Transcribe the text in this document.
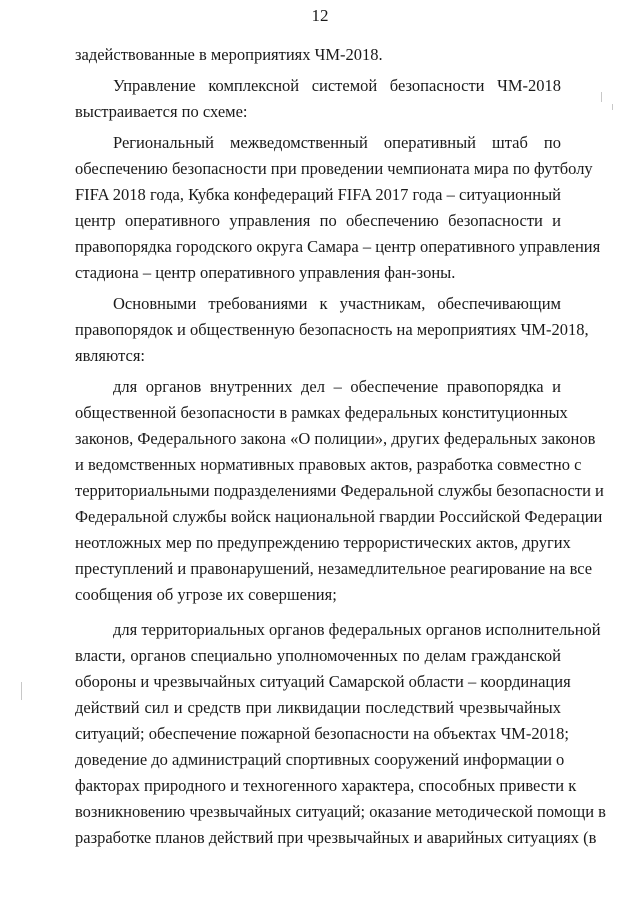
12
задействованные в мероприятиях ЧМ-2018.
Управление комплексной системой безопасности ЧМ-2018
выстраивается по схеме:
Региональный межведомственный оперативный штаб по
обеспечению безопасности при проведении чемпионата мира по футболу
FIFA 2018 года, Кубка конфедераций FIFA 2017 года – ситуационный
центр оперативного управления по обеспечению безопасности и
правопорядка городского округа Самара – центр оперативного управления
стадиона – центр оперативного управления фан-зоны.
Основными требованиями к участникам, обеспечивающим
правопорядок и общественную безопасность на мероприятиях ЧМ-2018,
являются:
для органов внутренних дел – обеспечение правопорядка и
общественной безопасности в рамках федеральных конституционных
законов, Федерального закона «О полиции», других федеральных законов
и ведомственных нормативных правовых актов, разработка совместно с
территориальными подразделениями Федеральной службы безопасности и
Федеральной службы войск национальной гвардии Российской Федерации
неотложных мер по предупреждению террористических актов, других
преступлений и правонарушений, незамедлительное реагирование на все
сообщения об угрозе их совершения;
для территориальных органов федеральных органов исполнительной
власти, органов специально уполномоченных по делам гражданской
обороны и чрезвычайных ситуаций Самарской области – координация
действий сил и средств при ликвидации последствий чрезвычайных
ситуаций; обеспечение пожарной безопасности на объектах ЧМ-2018;
доведение до администраций спортивных сооружений информации о
факторах природного и техногенного характера, способных привести к
возникновению чрезвычайных ситуаций; оказание методической помощи в
разработке планов действий при чрезвычайных и аварийных ситуациях (в
